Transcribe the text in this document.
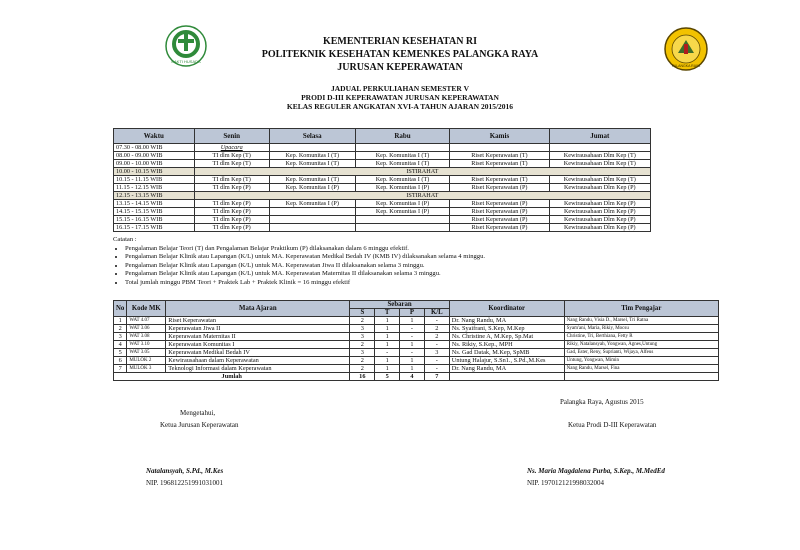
BAKTI HUSADA
PALANGKA RAYA
KEMENTERIAN KESEHATAN RI
POLITEKNIK KESEHATAN KEMENKES PALANGKA RAYA
JURUSAN KEPERAWATAN
JADUAL PERKULIAHAN SEMESTER V
PRODI D-III KEPERAWATAN JURUSAN KEPERAWATAN
KELAS REGULER ANGKATAN XVI-A TAHUN AJARAN 2015/2016
Waktu	Senin	Selasa	Rabu	Kamis	Jumat
07.30 - 08.00 WIB	Upacara				
08.00 - 09.00 WIB	TI dlm Kep (T)	Kep. Komunitas I (T)	Kep. Komunitas I (T)	Riset Keperawatan (T)	Kewirausahaan Dlm Kep (T)
09.00 - 10.00 WIB	TI dlm Kep (T)	Kep. Komunitas I (T)	Kep. Komunitas I (T)	Riset Keperawatan (T)	Kewirausahaan Dlm Kep (T)
10.00 - 10.15 WIB	ISTIRAHAT				
10.15 - 11.15 WIB	TI dlm Kep (T)	Kep. Komunitas I (T)	Kep. Komunitas I (T)	Riset Keperawatan (T)	Kewirausahaan Dlm Kep (T)
11.15 - 12.15 WIB	TI dlm Kep (P)	Kep. Komunitas I (P)	Kep. Komunitas I (P)	Riset Keperawatan (P)	Kewirausahaan Dlm Kep (P)
12.15 - 13.15 WIB	ISTIRAHAT				
13.15 - 14.15 WIB	TI dlm Kep (P)	Kep. Komunitas I (P)	Kep. Komunitas I (P)	Riset Keperawatan (P)	Kewirausahaan Dlm Kep (P)
14.15 - 15.15 WIB	TI dlm Kep (P)		Kep. Komunitas I (P)	Riset Keperawatan (P)	Kewirausahaan Dlm Kep (P)
15.15 - 16.15 WIB	TI dlm Kep (P)			Riset Keperawatan (P)	Kewirausahaan Dlm Kep (P)
16.15 - 17.15 WIB	TI dlm Kep (P)			Riset Keperawatan (P)	Kewirausahaan Dlm Kep (P)
Catatan :
• Pengalaman Belajar Teori (T) dan Pengalaman Belajar Praktikum (P) dilaksanakan dalam 6 minggu efektif.
• Pengalaman Belajar Klinik atau Lapangan (K/L) untuk MA. Keperawatan Medikal Bedah IV (KMB IV) dilaksanakan selama 4 minggu.
• Pengalaman Belajar Klinik atau Lapangan (K/L) untuk MA. Keperawatan Jiwa II dilaksanakan selama 3 minggu.
• Pengalaman Belajar Klinik atau Lapangan (K/L) untuk MA. Keperawatan Maternitas II dilaksanakan selama 3 minggu.
• Total jumlah minggu PBM Teori + Praktek Lab + Praktek Klinik = 16 minggu efektif
No	Kode MK	Mata Ajaran	Sebaran				Koordinator	Tim Pengajar
			S	T	P	K/L		
1	WAT 4.07	Riset Keperawatan	2	1	1	-	Dr. Nang Randu, MA	Nang Randu, Visia D., Marsel, Tri Ratna
2	WAT 3.06	Keperawatan Jiwa II	3	1	-	2	Ns. Syaifrani, S.Kep, M.Kep	Syam'ani, Maria, Rikiy, Mocsu
3	WAT 3.08	Keperawatan Maternitas II	3	1	-	2	Ns. Christine A, M.Kep, Sp.Mat	Christine, Tri, Berthiana, Fetty R
4	WAT 3.10	Keperawatan Komunitas I	2	1	1	-	Ns. Rikiy, S.Kep., MPH	Rikiy, Natalansyah, Yongwan, Agnes,Untung
5	WAT 3.05	Keperawatan Medikal Bedah IV	3	-	-	3	Ns. Gad Datak, M.Kep, SpMB	Gad, Ester, Reny, Suprianti, Wijaya, Alfeus
6	MULOK 2	Kewirausahaan dalam Keperawatan	2	1	1	-	Untung Halajur, S.Sn1., S.Pd.,M.Kes	Untung, Yongwan, Mimin
7	MULOK 3	Teknologi Informasi dalam Keperawatan	2	1	1	-	Dr. Nang Randu, MA	Nang Randu, Marsel, Fina
Jumlah			16	5	4	7		
Palangka Raya, Agustus 2015
Mengetahui,
Ketua Jurusan Keperawatan	Ketua Prodi D-III Keperawatan
Natalansyah, S.Pd., M.Kes
NIP. 196812251991031001
Ns. Maria Magdalena Purba, S.Kep., M.MedEd
NIP. 197012121998032004
